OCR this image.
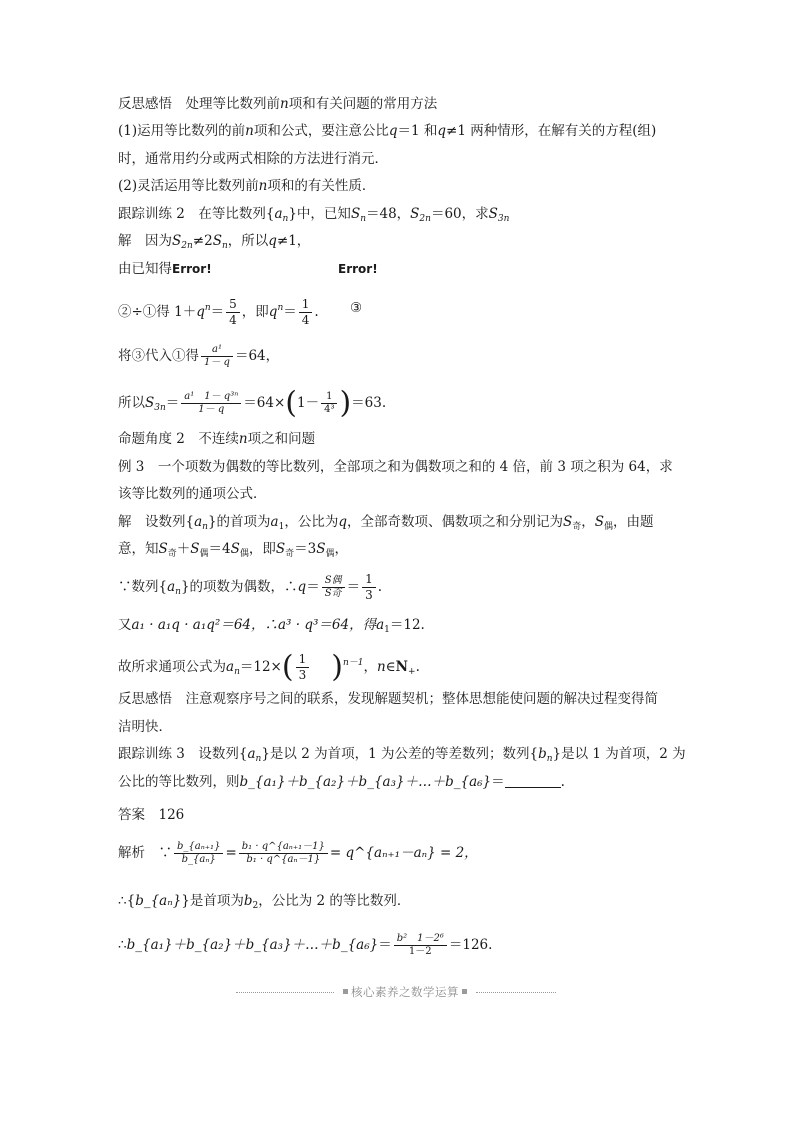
反思感悟　处理等比数列前n项和有关问题的常用方法
(1)运用等比数列的前n项和公式，要注意公比q＝1 和q≠1 两种情形，在解有关的方程(组)
时，通常用约分或两式相除的方法进行消元．
(2)灵活运用等比数列前n项和的有关性质．
跟踪训练 2　在等比数列$\{a_n\}$中，已知$S_n=48$，$S_{2n}=60$，求$S_{3n}$
解　因为$S_{2n}\ne 2S_n$，所以q≠1，
由已知得Error!	Error!
②÷①得 $1+q^n= \frac{5}{4}$ ，即$q^n= \frac{1}{4}$ . ③
将③代入①得 $\frac{\text{a¹}}{1- q} =64$，
所以$S_{3n}= \frac{\text{a¹　1－ q³ⁿ}}{1- q} =64\times(1- \frac{1}{\text{4³}} )=63$.
命题角度 2　不连续n项之和问题
例 3　一个项数为偶数的等比数列，全部项之和为偶数项之和的 4 倍，前 3 项之积为 64，求
该等比数列的通项公式．
解　设数列$\{a_n\}$的首项为$a_1$，公比为q，全部奇数项、偶数项之和分别记为$S_奇$，$S_偶$，由题
意，知$S_奇+S_偶=4S_偶$，即$S_奇=3S_偶$，
∵数列$\{a_n\}$的项数为偶数，∴q＝ $\frac{\text{S偶}}{\text{S奇}} = \frac{1}{3}$ .
又a₁ · a₁q · a₁q²＝64，∴a³ · q³＝64，得$a_1=12$.
故所求通项公式为$a_n=12\times( \frac{1}{3} )^{n-1}$，$n\in N_+$.
反思感悟　注意观察序号之间的联系，发现解题契机；整体思想能使问题的解决过程变得简
洁明快．
跟踪训练 3　设数列$\{a_n\}$是以 2 为首项，1 为公差的等差数列；数列$\{b_n\}$是以 1 为首项，2 为
公比的等比数列，则b_{a₁}＋b_{a₂}＋b_{a₃}＋…＋b_{a₆}＝	.
答案　126
解析　∵ $\frac{\text{b\_\{aₙ₊₁\}}}{\text{b\_\{aₙ\}}} = \frac{\text{b₁ · q\textasciicircum{}\{aₙ₊₁－1\}}}{\text{b₁ · q\textasciicircum{}\{aₙ－1\}}}$ = q^{aₙ₊₁－aₙ} = 2，
∴{b_{aₙ}}是首项为$b_2$，公比为 2 的等比数列．
∴b_{a₁}＋b_{a₂}＋b_{a₃}＋…＋b_{a₆}＝ $\frac{\text{b²　1－2⁶}}{1-2} =126$.
核心素养之数学运算
